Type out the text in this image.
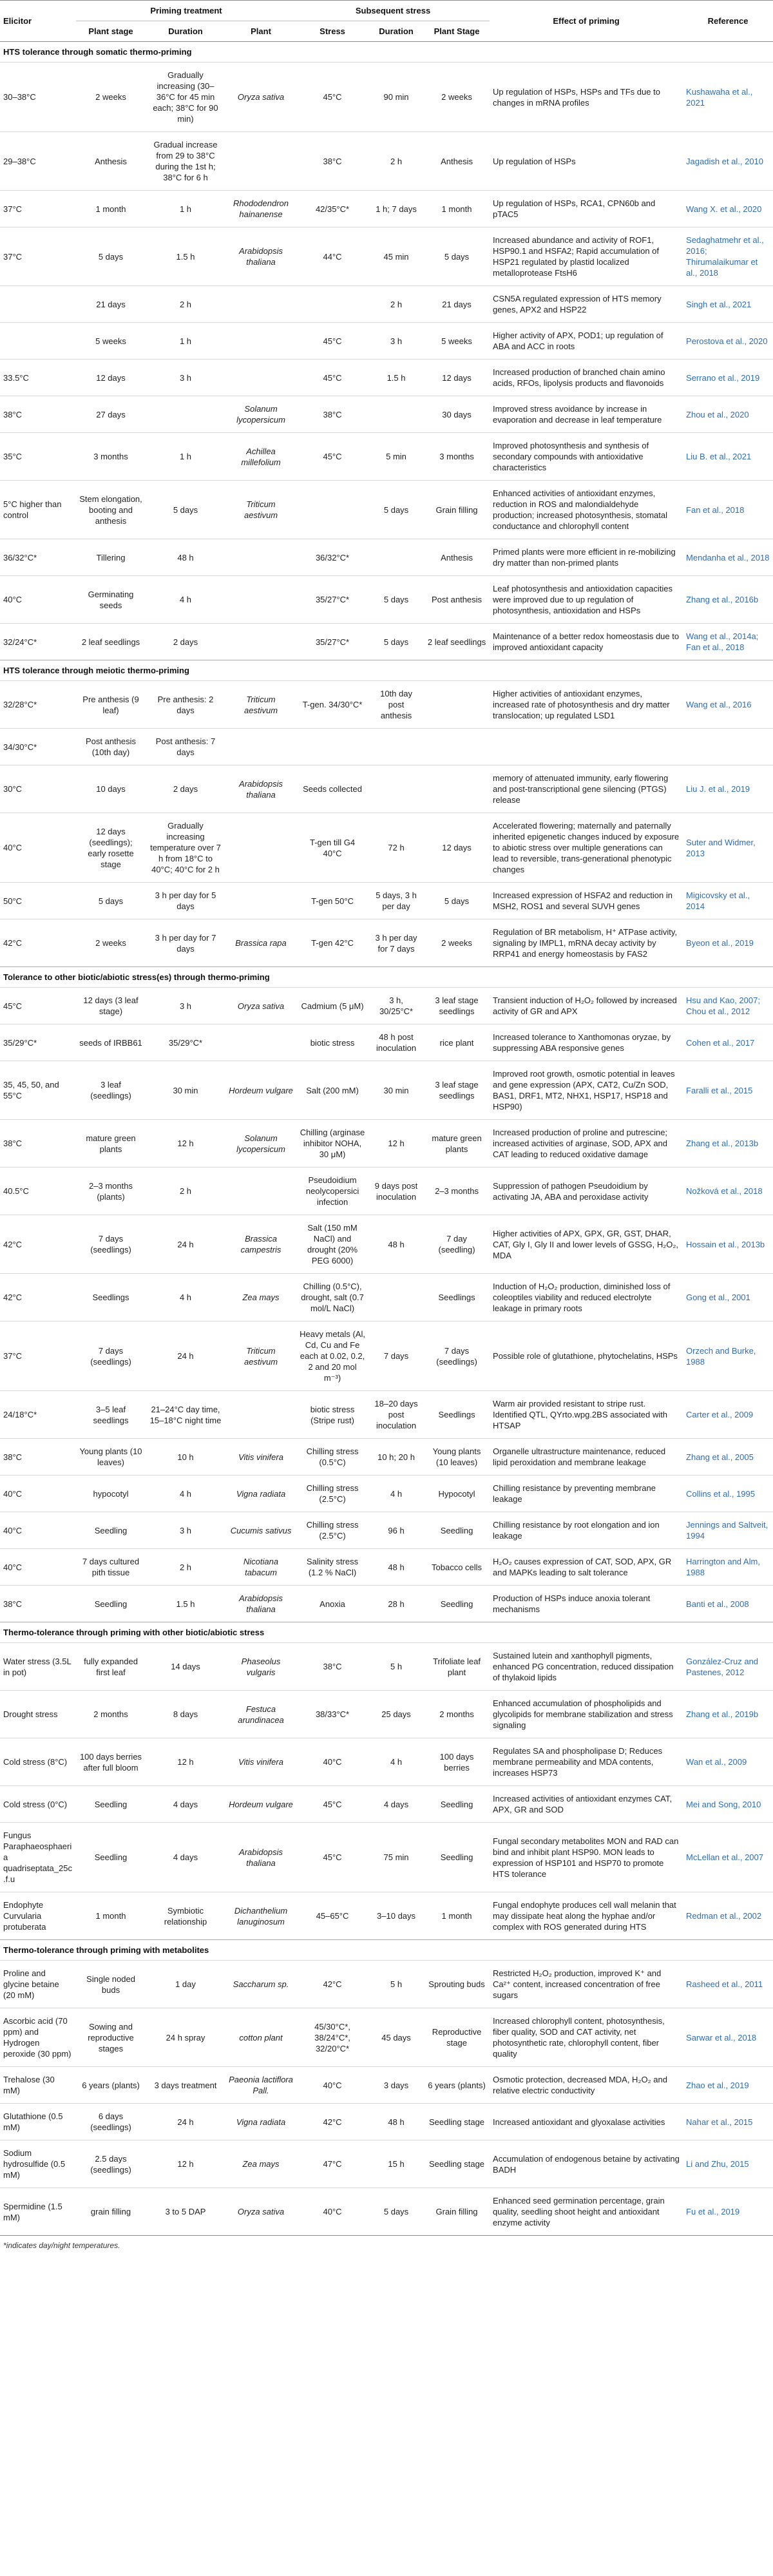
Elicitor	Priming treatment			Subsequent stress			Effect of priming	Reference
	Plant stage	Duration	Plant	Stress	Duration	Plant Stage		
HTS tolerance through somatic thermo-priming								
30–38°C	2 weeks	Gradually increasing (30–36°C for 45 min each; 38°C for 90 min)	Oryza sativa	45°C	90 min	2 weeks	Up regulation of HSPs, HSPs and TFs due to changes in mRNA profiles	Kushawaha et al., 2021
29–38°C	Anthesis	Gradual increase from 29 to 38°C during the 1st h; 38°C for 6 h		38°C	2 h	Anthesis	Up regulation of HSPs	Jagadish et al., 2010
37°C	1 month	1 h	Rhododendron hainanense	42/35°C*	1 h; 7 days	1 month	Up regulation of HSPs, RCA1, CPN60b and pTAC5	Wang X. et al., 2020
37°C	5 days	1.5 h	Arabidopsis thaliana	44°C	45 min	5 days	Increased abundance and activity of ROF1, HSP90.1 and HSFA2; Rapid accumulation of HSP21 regulated by plastid localized metalloprotease FtsH6	Sedaghatmehr et al., 2016; Thirumalaikumar et al., 2018
	21 days	2 h			2 h	21 days	CSN5A regulated expression of HTS memory genes, APX2 and HSP22	Singh et al., 2021
	5 weeks	1 h		45°C	3 h	5 weeks	Higher activity of APX, POD1; up regulation of ABA and ACC in roots	Perostova et al., 2020
33.5°C	12 days	3 h		45°C	1.5 h	12 days	Increased production of branched chain amino acids, RFOs, lipolysis products and flavonoids	Serrano et al., 2019
38°C	27 days		Solanum lycopersicum	38°C		30 days	Improved stress avoidance by increase in evaporation and decrease in leaf temperature	Zhou et al., 2020
35°C	3 months	1 h	Achillea millefolium	45°C	5 min	3 months	Improved photosynthesis and synthesis of secondary compounds with antioxidative characteristics	Liu B. et al., 2021
5°C higher than control	Stem elongation, booting and anthesis	5 days	Triticum aestivum		5 days	Grain filling	Enhanced activities of antioxidant enzymes, reduction in ROS and malondialdehyde production; increased photosynthesis, stomatal conductance and chlorophyll content	Fan et al., 2018
36/32°C*	Tillering	48 h		36/32°C*		Anthesis	Primed plants were more efficient in re-mobilizing dry matter than non-primed plants	Mendanha et al., 2018
40°C	Germinating seeds	4 h		35/27°C*	5 days	Post anthesis	Leaf photosynthesis and antioxidation capacities were improved due to up regulation of photosynthesis, antioxidation and HSPs	Zhang et al., 2016b
32/24°C*	2 leaf seedlings	2 days		35/27°C*	5 days	2 leaf seedlings	Maintenance of a better redox homeostasis due to improved antioxidant capacity	Wang et al., 2014a; Fan et al., 2018
HTS tolerance through meiotic thermo-priming								
32/28°C*	Pre anthesis (9 leaf)	Pre anthesis: 2 days	Triticum aestivum	T-gen. 34/30°C*	10th day post anthesis		Higher activities of antioxidant enzymes, increased rate of photosynthesis and dry matter translocation; up regulated LSD1	Wang et al., 2016
34/30°C*	Post anthesis (10th day)	Post anthesis: 7 days						
30°C	10 days	2 days	Arabidopsis thaliana	Seeds collected			memory of attenuated immunity, early flowering and post-transcriptional gene silencing (PTGS) release	Liu J. et al., 2019
40°C	12 days (seedlings); early rosette stage	Gradually increasing temperature over 7 h from 18°C to 40°C; 40°C for 2 h		T-gen till G4 40°C	72 h	12 days	Accelerated flowering; maternally and paternally inherited epigenetic changes induced by exposure to abiotic stress over multiple generations can lead to reversible, trans-generational phenotypic changes	Suter and Widmer, 2013
50°C	5 days	3 h per day for 5 days		T-gen 50°C	5 days, 3 h per day	5 days	Increased expression of HSFA2 and reduction in MSH2, ROS1 and several SUVH genes	Migicovsky et al., 2014
42°C	2 weeks	3 h per day for 7 days	Brassica rapa	T-gen 42°C	3 h per day for 7 days	2 weeks	Regulation of BR metabolism, H⁺ ATPase activity, signaling by IMPL1, mRNA decay activity by RRP41 and energy homeostasis by FAS2	Byeon et al., 2019
Tolerance to other biotic/abiotic stress(es) through thermo-priming								
45°C	12 days (3 leaf stage)	3 h	Oryza sativa	Cadmium (5 μM)	3 h, 30/25°C*	3 leaf stage seedlings	Transient induction of H₂O₂ followed by increased activity of GR and APX	Hsu and Kao, 2007; Chou et al., 2012
35/29°C*	seeds of IRBB61	35/29°C*		biotic stress	48 h post inoculation	rice plant	Increased tolerance to Xanthomonas oryzae, by suppressing ABA responsive genes	Cohen et al., 2017
35, 45, 50, and 55°C	3 leaf (seedlings)	30 min	Hordeum vulgare	Salt (200 mM)	30 min	3 leaf stage seedlings	Improved root growth, osmotic potential in leaves and gene expression (APX, CAT2, Cu/Zn SOD, BAS1, DRF1, MT2, NHX1, HSP17, HSP18 and HSP90)	Faralli et al., 2015
38°C	mature green plants	12 h	Solanum lycopersicum	Chilling (arginase inhibitor NOHA, 30 μM)	12 h	mature green plants	Increased production of proline and putrescine; increased activities of arginase, SOD, APX and CAT leading to reduced oxidative damage	Zhang et al., 2013b
40.5°C	2–3 months (plants)	2 h		Pseudoidium neolycopersici infection	9 days post inoculation	2–3 months	Suppression of pathogen Pseudoidium by activating JA, ABA and peroxidase activity	Nožková et al., 2018
42°C	7 days (seedlings)	24 h	Brassica campestris	Salt (150 mM NaCl) and drought (20% PEG 6000)	48 h	7 day (seedling)	Higher activities of APX, GPX, GR, GST, DHAR, CAT, Gly I, Gly II and lower levels of GSSG, H₂O₂, MDA	Hossain et al., 2013b
42°C	Seedlings	4 h	Zea mays	Chilling (0.5°C), drought, salt (0.7 mol/L NaCl)		Seedlings	Induction of H₂O₂ production, diminished loss of coleoptiles viability and reduced electrolyte leakage in primary roots	Gong et al., 2001
37°C	7 days (seedlings)	24 h	Triticum aestivum	Heavy metals (Al, Cd, Cu and Fe each at 0.02, 0.2, 2 and 20 mol m⁻³)	7 days	7 days (seedlings)	Possible role of glutathione, phytochelatins, HSPs	Orzech and Burke, 1988
24/18°C*	3–5 leaf seedlings	21–24°C day time, 15–18°C night time		biotic stress (Stripe rust)	18–20 days post inoculation	Seedlings	Warm air provided resistant to stripe rust. Identified QTL, QYrto.wpg.2BS associated with HTSAP	Carter et al., 2009
38°C	Young plants (10 leaves)	10 h	Vitis vinifera	Chilling stress (0.5°C)	10 h; 20 h	Young plants (10 leaves)	Organelle ultrastructure maintenance, reduced lipid peroxidation and membrane leakage	Zhang et al., 2005
40°C	hypocotyl	4 h	Vigna radiata	Chilling stress (2.5°C)	4 h	Hypocotyl	Chilling resistance by preventing membrane leakage	Collins et al., 1995
40°C	Seedling	3 h	Cucumis sativus	Chilling stress (2.5°C)	96 h	Seedling	Chilling resistance by root elongation and ion leakage	Jennings and Saltveit, 1994
40°C	7 days cultured pith tissue	2 h	Nicotiana tabacum	Salinity stress (1.2 % NaCl)	48 h	Tobacco cells	H₂O₂ causes expression of CAT, SOD, APX, GR and MAPKs leading to salt tolerance	Harrington and Alm, 1988
38°C	Seedling	1.5 h	Arabidopsis thaliana	Anoxia	28 h	Seedling	Production of HSPs induce anoxia tolerant mechanisms	Banti et al., 2008
Thermo-tolerance through priming with other biotic/abiotic stress								
Water stress (3.5L in pot)	fully expanded first leaf	14 days	Phaseolus vulgaris	38°C	5 h	Trifoliate leaf plant	Sustained lutein and xanthophyll pigments, enhanced PG concentration, reduced dissipation of thylakoid lipids	González-Cruz and Pastenes, 2012
Drought stress	2 months	8 days	Festuca arundinacea	38/33°C*	25 days	2 months	Enhanced accumulation of phospholipids and glycolipids for membrane stabilization and stress signaling	Zhang et al., 2019b
Cold stress (8°C)	100 days berries after full bloom	12 h	Vitis vinifera	40°C	4 h	100 days berries	Regulates SA and phospholipase D; Reduces membrane permeability and MDA contents, increases HSP73	Wan et al., 2009
Cold stress (0°C)	Seedling	4 days	Hordeum vulgare	45°C	4 days	Seedling	Increased activities of antioxidant enzymes CAT, APX, GR and SOD	Mei and Song, 2010
Fungus Paraphaeosphaeria quadriseptata_25c.f.u	Seedling	4 days	Arabidopsis thaliana	45°C	75 min	Seedling	Fungal secondary metabolites MON and RAD can bind and inhibit plant HSP90. MON leads to expression of HSP101 and HSP70 to promote HTS tolerance	McLellan et al., 2007
Endophyte Curvularia protuberata	1 month	Symbiotic relationship	Dichanthelium lanuginosum	45–65°C	3–10 days	1 month	Fungal endophyte produces cell wall melanin that may dissipate heat along the hyphae and/or complex with ROS generated during HTS	Redman et al., 2002
Thermo-tolerance through priming with metabolites								
Proline and glycine betaine (20 mM)	Single noded buds	1 day	Saccharum sp.	42°C	5 h	Sprouting buds	Restricted H₂O₂ production, improved K⁺ and Ca²⁺ content, increased concentration of free sugars	Rasheed et al., 2011
Ascorbic acid (70 ppm) and Hydrogen peroxide (30 ppm)	Sowing and reproductive stages	24 h spray	cotton plant	45/30°C*, 38/24°C*, 32/20°C*	45 days	Reproductive stage	Increased chlorophyll content, photosynthesis, fiber quality, SOD and CAT activity, net photosynthetic rate, chlorophyll content, fiber quality	Sarwar et al., 2018
Trehalose (30 mM)	6 years (plants)	3 days treatment	Paeonia lactiflora Pall.	40°C	3 days	6 years (plants)	Osmotic protection, decreased MDA, H₂O₂ and relative electric conductivity	Zhao et al., 2019
Glutathione (0.5 mM)	6 days (seedlings)	24 h	Vigna radiata	42°C	48 h	Seedling stage	Increased antioxidant and glyoxalase activities	Nahar et al., 2015
Sodium hydrosulfide (0.5 mM)	2.5 days (seedlings)	12 h	Zea mays	47°C	15 h	Seedling stage	Accumulation of endogenous betaine by activating BADH	Li and Zhu, 2015
Spermidine (1.5 mM)	grain filling	3 to 5 DAP	Oryza sativa	40°C	5 days	Grain filling	Enhanced seed germination percentage, grain quality, seedling shoot height and antioxidant enzyme activity	Fu et al., 2019

*indicates day/night temperatures.
